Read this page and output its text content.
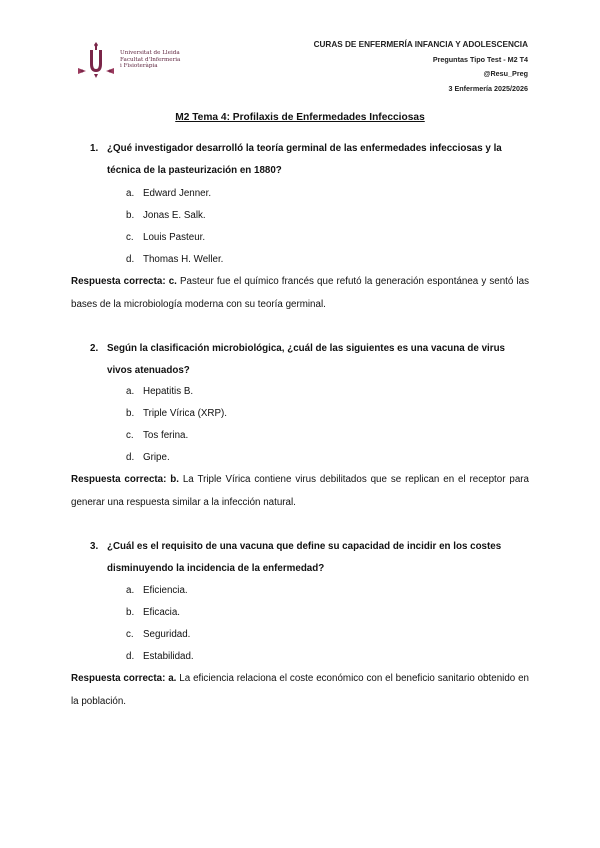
Universitat de Lleida
Facultat d'Infermeria
i Fisioteràpia
CURAS DE ENFERMERÍA INFANCIA Y ADOLESCENCIA
Preguntas Tipo Test - M2 T4
@Resu_Preg
3 Enfermería 2025/2026
M2 Tema 4: Profilaxis de Enfermedades Infecciosas
1. ¿Qué investigador desarrolló la teoría germinal de las enfermedades infecciosas y la técnica de la pasteurización en 1880?
a. Edward Jenner.
b. Jonas E. Salk.
c. Louis Pasteur.
d. Thomas H. Weller.
Respuesta correcta: c. Pasteur fue el químico francés que refutó la generación espontánea y sentó las bases de la microbiología moderna con su teoría germinal.
2. Según la clasificación microbiológica, ¿cuál de las siguientes es una vacuna de virus vivos atenuados?
a. Hepatitis B.
b. Triple Vírica (XRP).
c. Tos ferina.
d. Gripe.
Respuesta correcta: b. La Triple Vírica contiene virus debilitados que se replican en el receptor para generar una respuesta similar a la infección natural.
3. ¿Cuál es el requisito de una vacuna que define su capacidad de incidir en los costes disminuyendo la incidencia de la enfermedad?
a. Eficiencia.
b. Eficacia.
c. Seguridad.
d. Estabilidad.
Respuesta correcta: a. La eficiencia relaciona el coste económico con el beneficio sanitario obtenido en la población.
